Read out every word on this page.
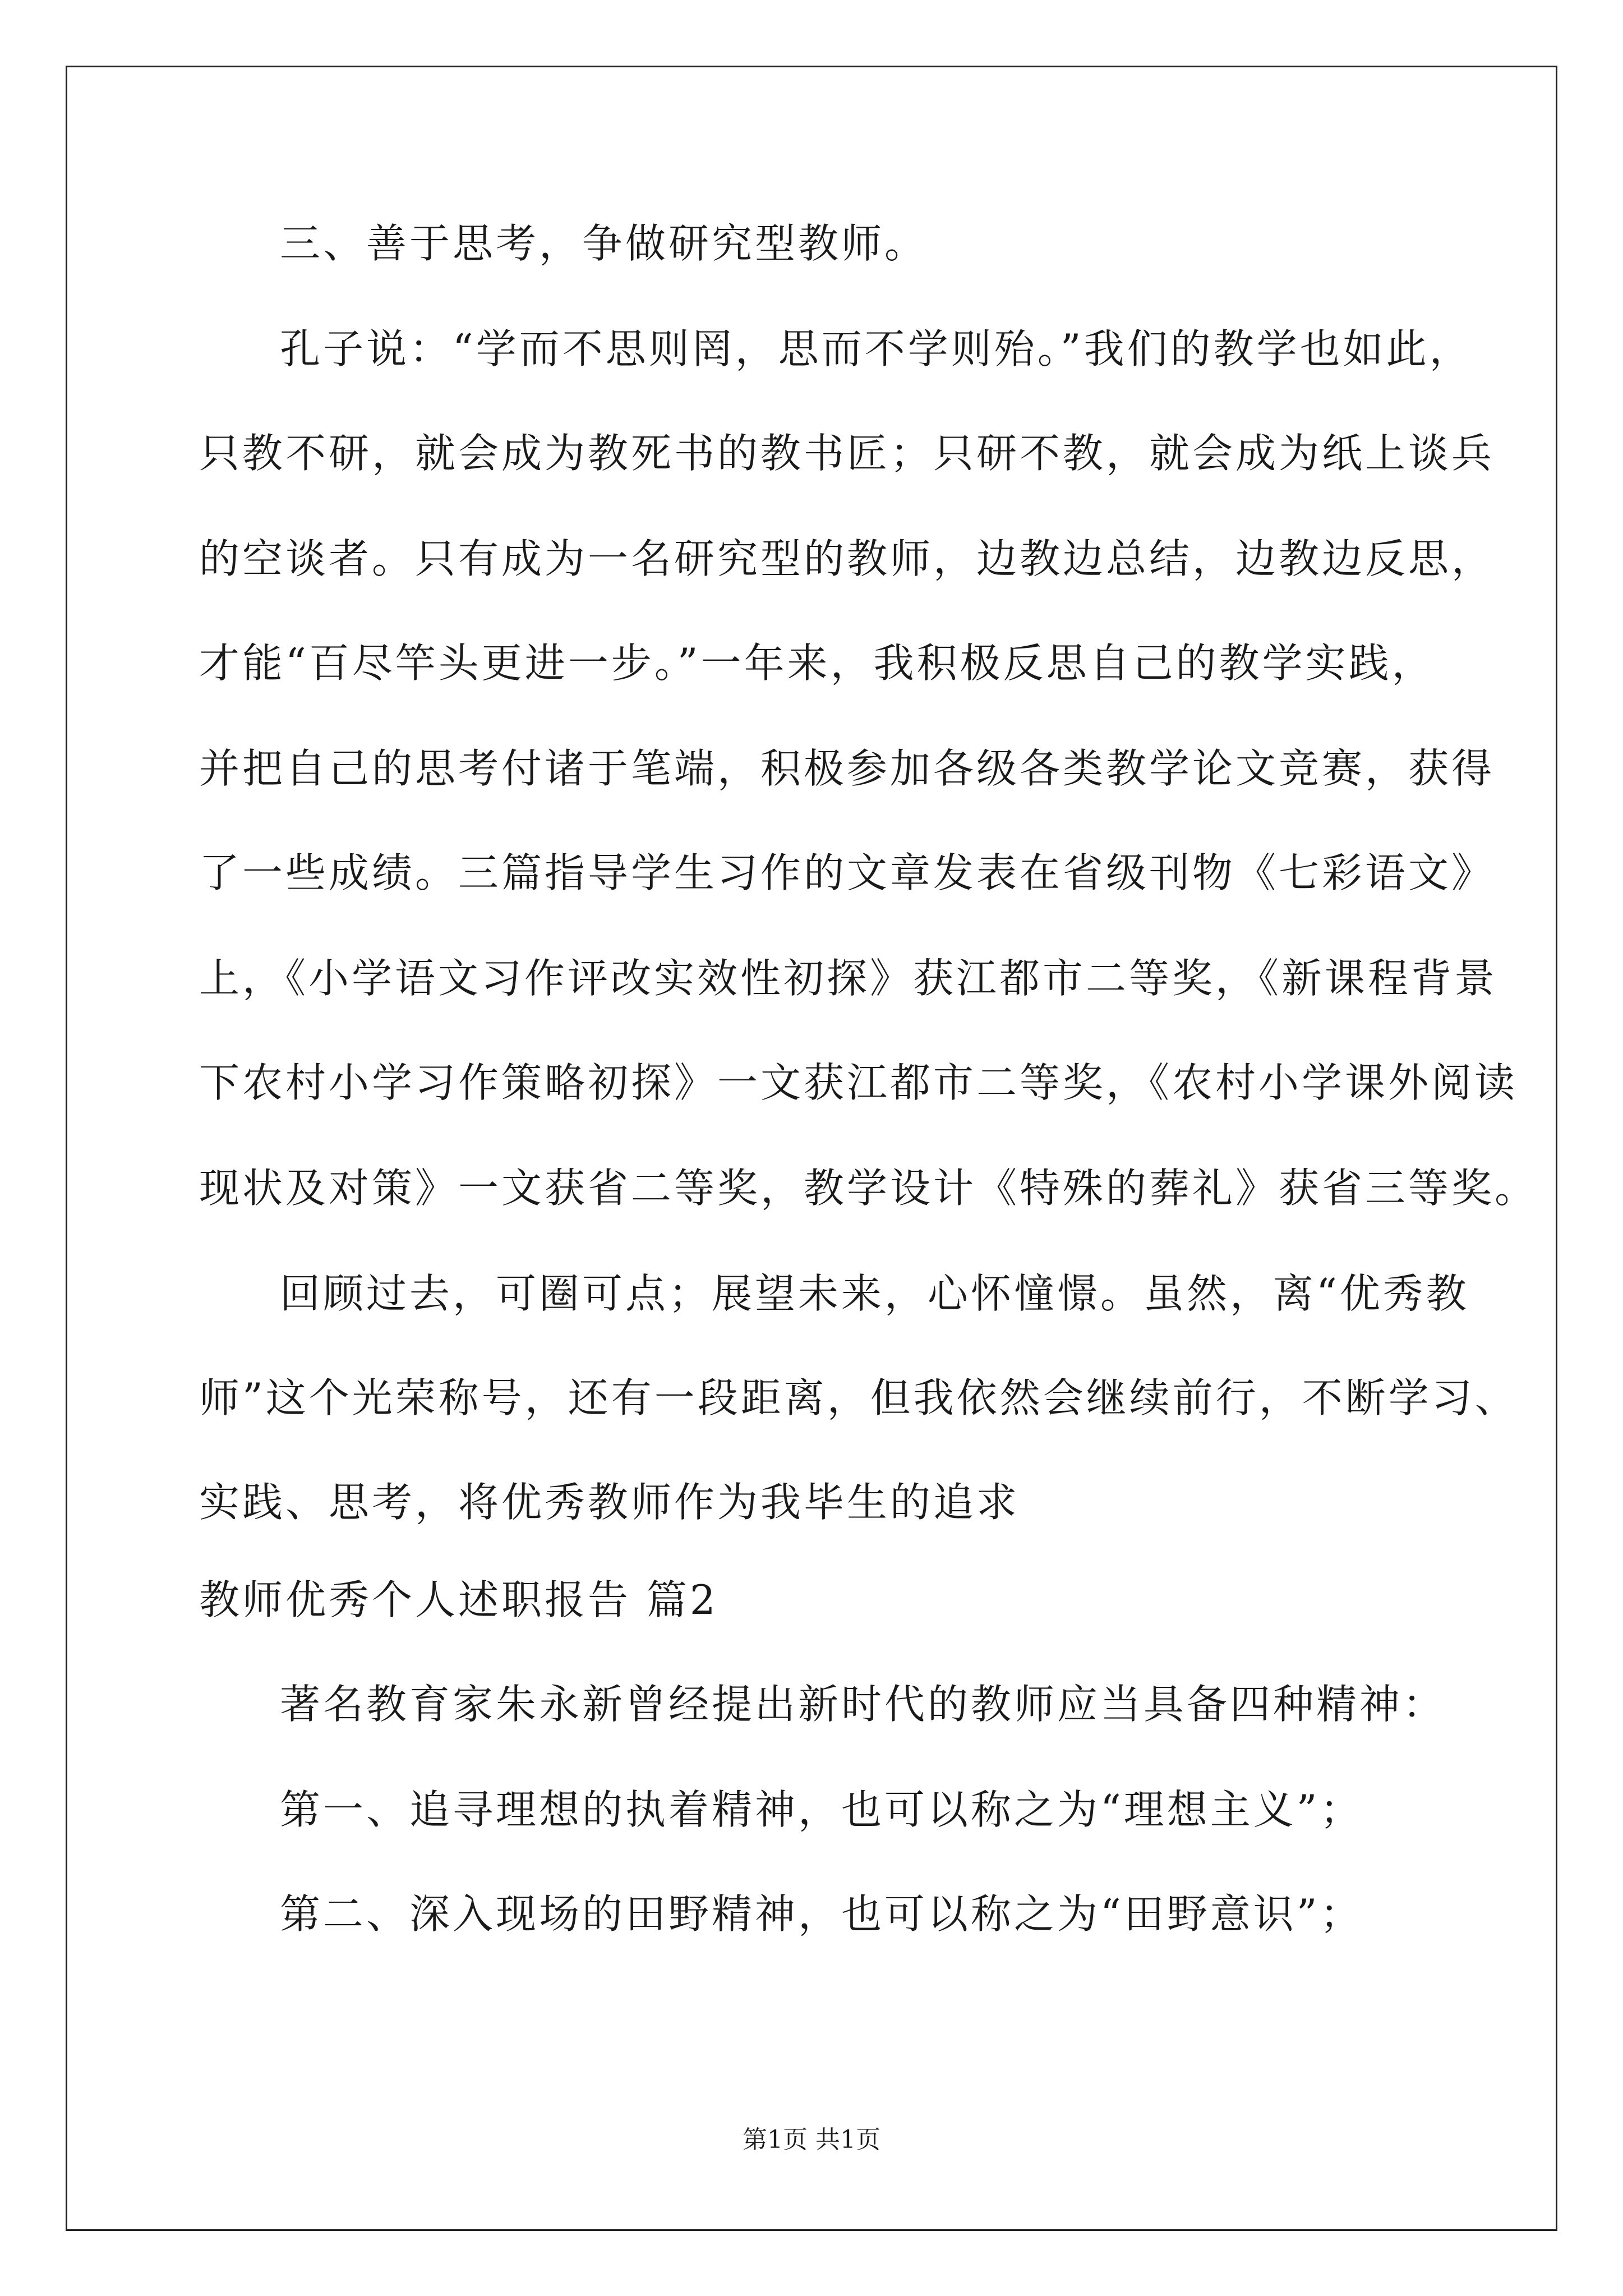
三、善于思考，争做研究型教师。
孔子说：“学而不思则罔，思而不学则殆。”我们的教学也如此，
只教不研，就会成为教死书的教书匠；只研不教，就会成为纸上谈兵
的空谈者。只有成为一名研究型的教师，边教边总结，边教边反思，
才能“百尽竿头更进一步。”一年来，我积极反思自己的教学实践，
并把自己的思考付诸于笔端，积极参加各级各类教学论文竞赛，获得
了一些成绩。三篇指导学生习作的文章发表在省级刊物《七彩语文》
上，《小学语文习作评改实效性初探》获江都市二等奖，《新课程背景
下农村小学习作策略初探》一文获江都市二等奖，《农村小学课外阅读
现状及对策》一文获省二等奖，教学设计《特殊的葬礼》获省三等奖。
回顾过去，可圈可点；展望未来，心怀憧憬。虽然，离“优秀教
师”这个光荣称号，还有一段距离，但我依然会继续前行，不断学习、
实践、思考，将优秀教师作为我毕生的追求
教师优秀个人述职报告 篇2
著名教育家朱永新曾经提出新时代的教师应当具备四种精神：
第一、追寻理想的执着精神，也可以称之为“理想主义”；
第二、深入现场的田野精神，也可以称之为“田野意识”；
第1页 共1页
